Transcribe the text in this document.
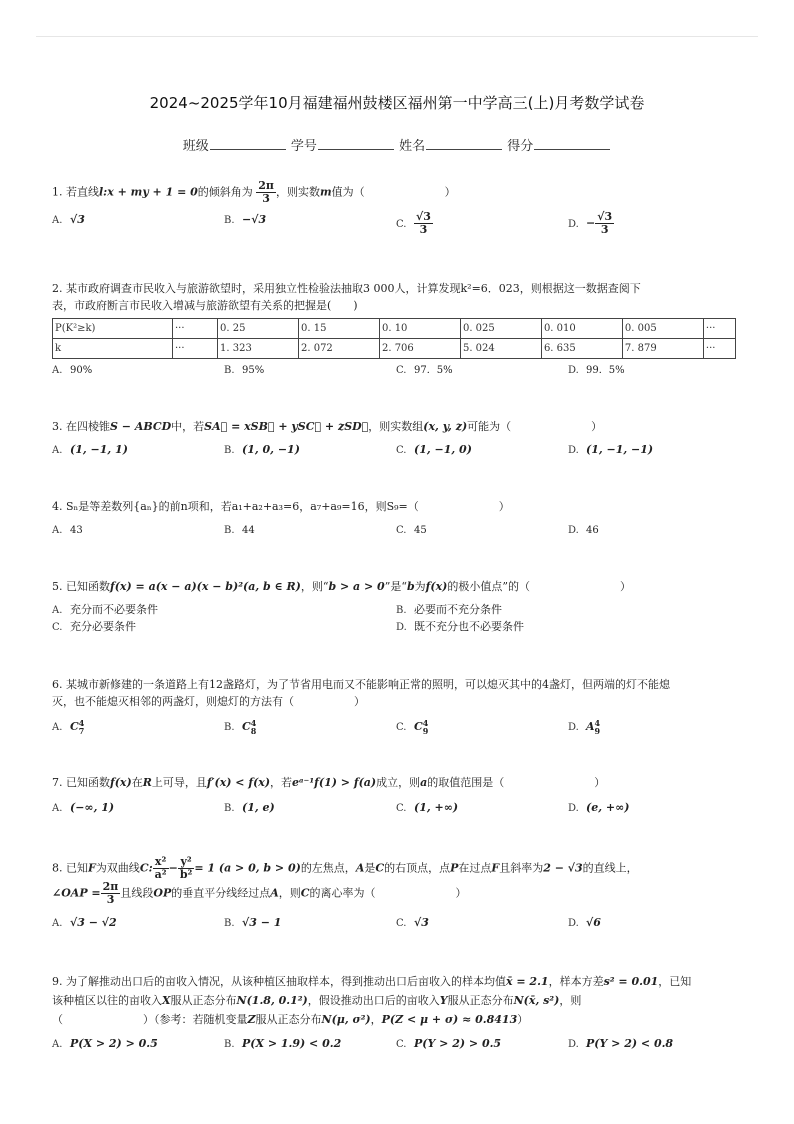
2024~2025学年10月福建福州鼓楼区福州第一中学高三(上)月考数学试卷
班级	学号	姓名	得分
1. 若直线l:x + my + 1 = 0的倾斜角为 $\frac{2\pi}{3}$ ，则实数m值为（	）
A. √3	B. −√3	C. $\frac{√3}{3}$	D. − $\frac{√3}{3}$
2. 某市政府调查市民收入与旅游欲望时，采用独立性检验法抽取3 000人，计算发现k²=6．023，则根据这一数据查阅下
表，市政府断言市民收入增减与旅游欲望有关系的把握是(　　)
P(K²≥k)	···	0. 25	0. 15	0. 10	0. 025	0. 010	0. 005	···
k	···	1. 323	2. 072	2. 706	5. 024	6. 635	7. 879	···
A. 90%	B. 95%	C. 97．5%	D. 99．5%
3. 在四棱锥S − ABCD中，若SA⃗ = xSB⃗ + ySC⃗ + zSD⃗，则实数组(x, y, z)可能为（	）
A. (1, −1, 1)	B. (1, 0, −1)	C. (1, −1, 0)	D. (1, −1, −1)
4. Sₙ是等差数列{aₙ}的前n项和，若a₁+a₂+a₃=6，a₇+a₉=16，则S₉=（	）
A. 43	B. 44	C. 45	D. 46
5. 已知函数f(x) = a(x − a)(x − b)²(a, b ∈ R)，则“b > a > 0”是“b为f(x)的极小值点”的（	）
A. 充分而不必要条件	B. 必要而不充分条件
C. 充分必要条件	D. 既不充分也不必要条件
6. 某城市新修建的一条道路上有12盏路灯，为了节省用电而又不能影响正常的照明，可以熄灭其中的4盏灯，但两端的灯不能熄
灭，也不能熄灭相邻的两盏灯，则熄灯的方法有（	）
A. C 4
7	B. C 4
8	C. C 4
9	D. A 4
9
7. 已知函数f(x)在R上可导，且f′(x) < f(x)，若eᵃ⁻¹f(1) > f(a)成立，则a的取值范围是（	）
A. (−∞, 1)	B. (1, e)	C. (1, +∞)	D. (e, +∞)
8. 已知F为双曲线C: $\frac{\text{x²}}{\text{a²}} - \frac{\text{y²}}{\text{b²}} = 1$ (a > 0, b > 0)的左焦点，A是C的右顶点，点P在过点F且斜率为2 − √3的直线上，
∠OAP = $\frac{2\pi}{3}$ 且线段OP的垂直平分线经过点A，则C的离心率为（	）
A. √3 − √2	B. √3 − 1	C. √3	D. √6
9. 为了解推动出口后的亩收入情况，从该种植区抽取样本，得到推动出口后亩收入的样本均值x̄ = 2.1，样本方差s² = 0.01，已知
该种植区以往的亩收入X服从正态分布N(1.8, 0.1²)，假设推动出口后的亩收入Y服从正态分布N(x̄, s²)，则
（	）（参考：若随机变量Z服从正态分布N(μ, σ²)，P(Z < μ + σ) ≈ 0.8413）
A. P(X > 2) > 0.5	B. P(X > 1.9) < 0.2	C. P(Y > 2) > 0.5	D. P(Y > 2) < 0.8
